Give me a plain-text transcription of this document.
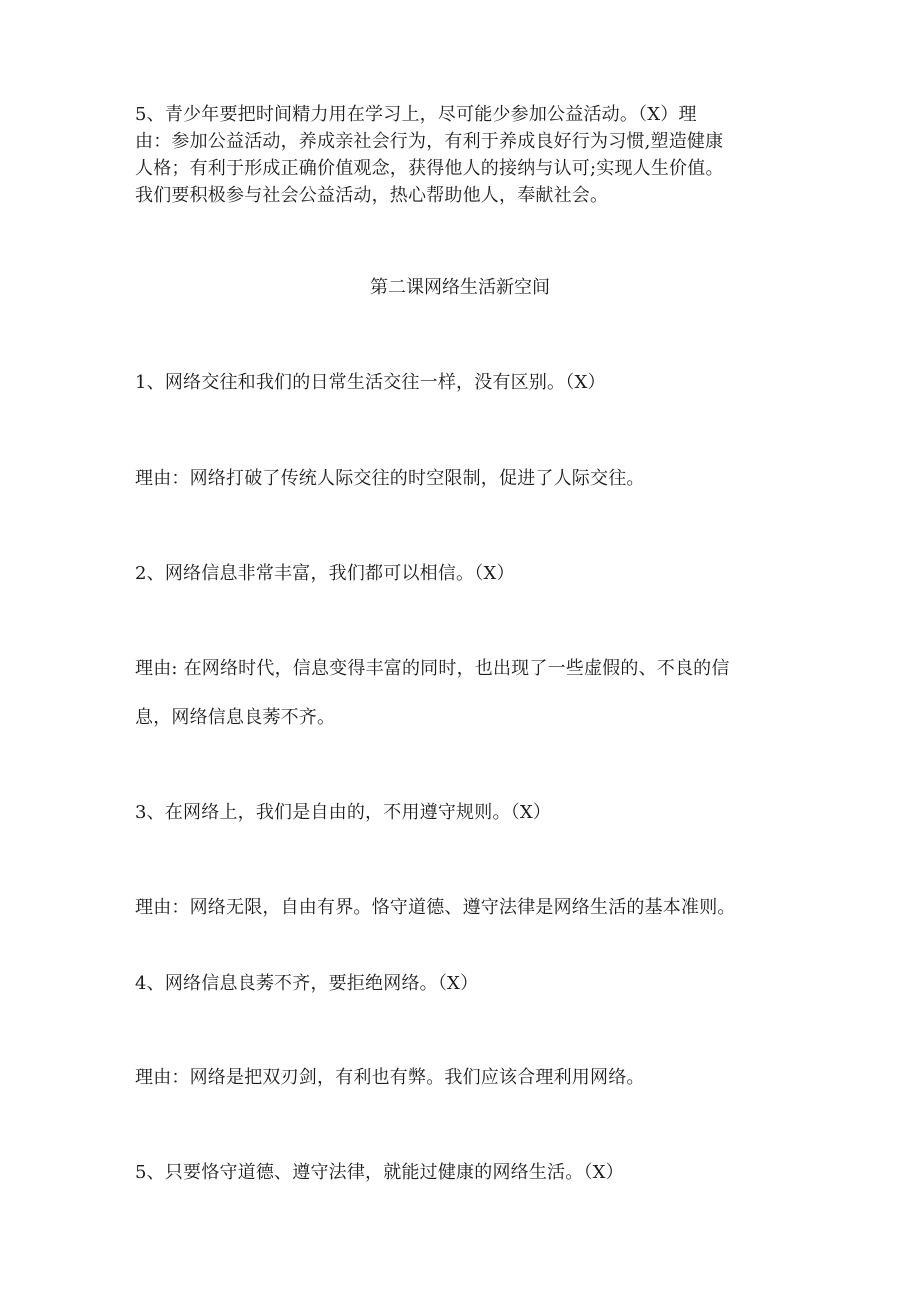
5、青少年要把时间精力用在学习上，尽可能少参加公益活动。（X）理
由：参加公益活动，养成亲社会行为，有利于养成良好行为习惯,塑造健康
人格；有利于形成正确价值观念，获得他人的接纳与认可;实现人生价值。
我们要积极参与社会公益活动，热心帮助他人，奉献社会。
第二课网络生活新空间
1、网络交往和我们的日常生活交往一样，没有区别。（X）
理由：网络打破了传统人际交往的时空限制，促进了人际交往。
2、网络信息非常丰富，我们都可以相信。（X）
理由: 在网络时代，信息变得丰富的同时，也出现了一些虚假的、不良的信
息，网络信息良莠不齐。
3、在网络上，我们是自由的，不用遵守规则。（X）
理由：网络无限，自由有界。恪守道德、遵守法律是网络生活的基本准则。
4、网络信息良莠不齐，要拒绝网络。（X）
理由：网络是把双刃剑，有利也有弊。我们应该合理利用网络。
5、只要恪守道德、遵守法律，就能过健康的网络生活。（X）
